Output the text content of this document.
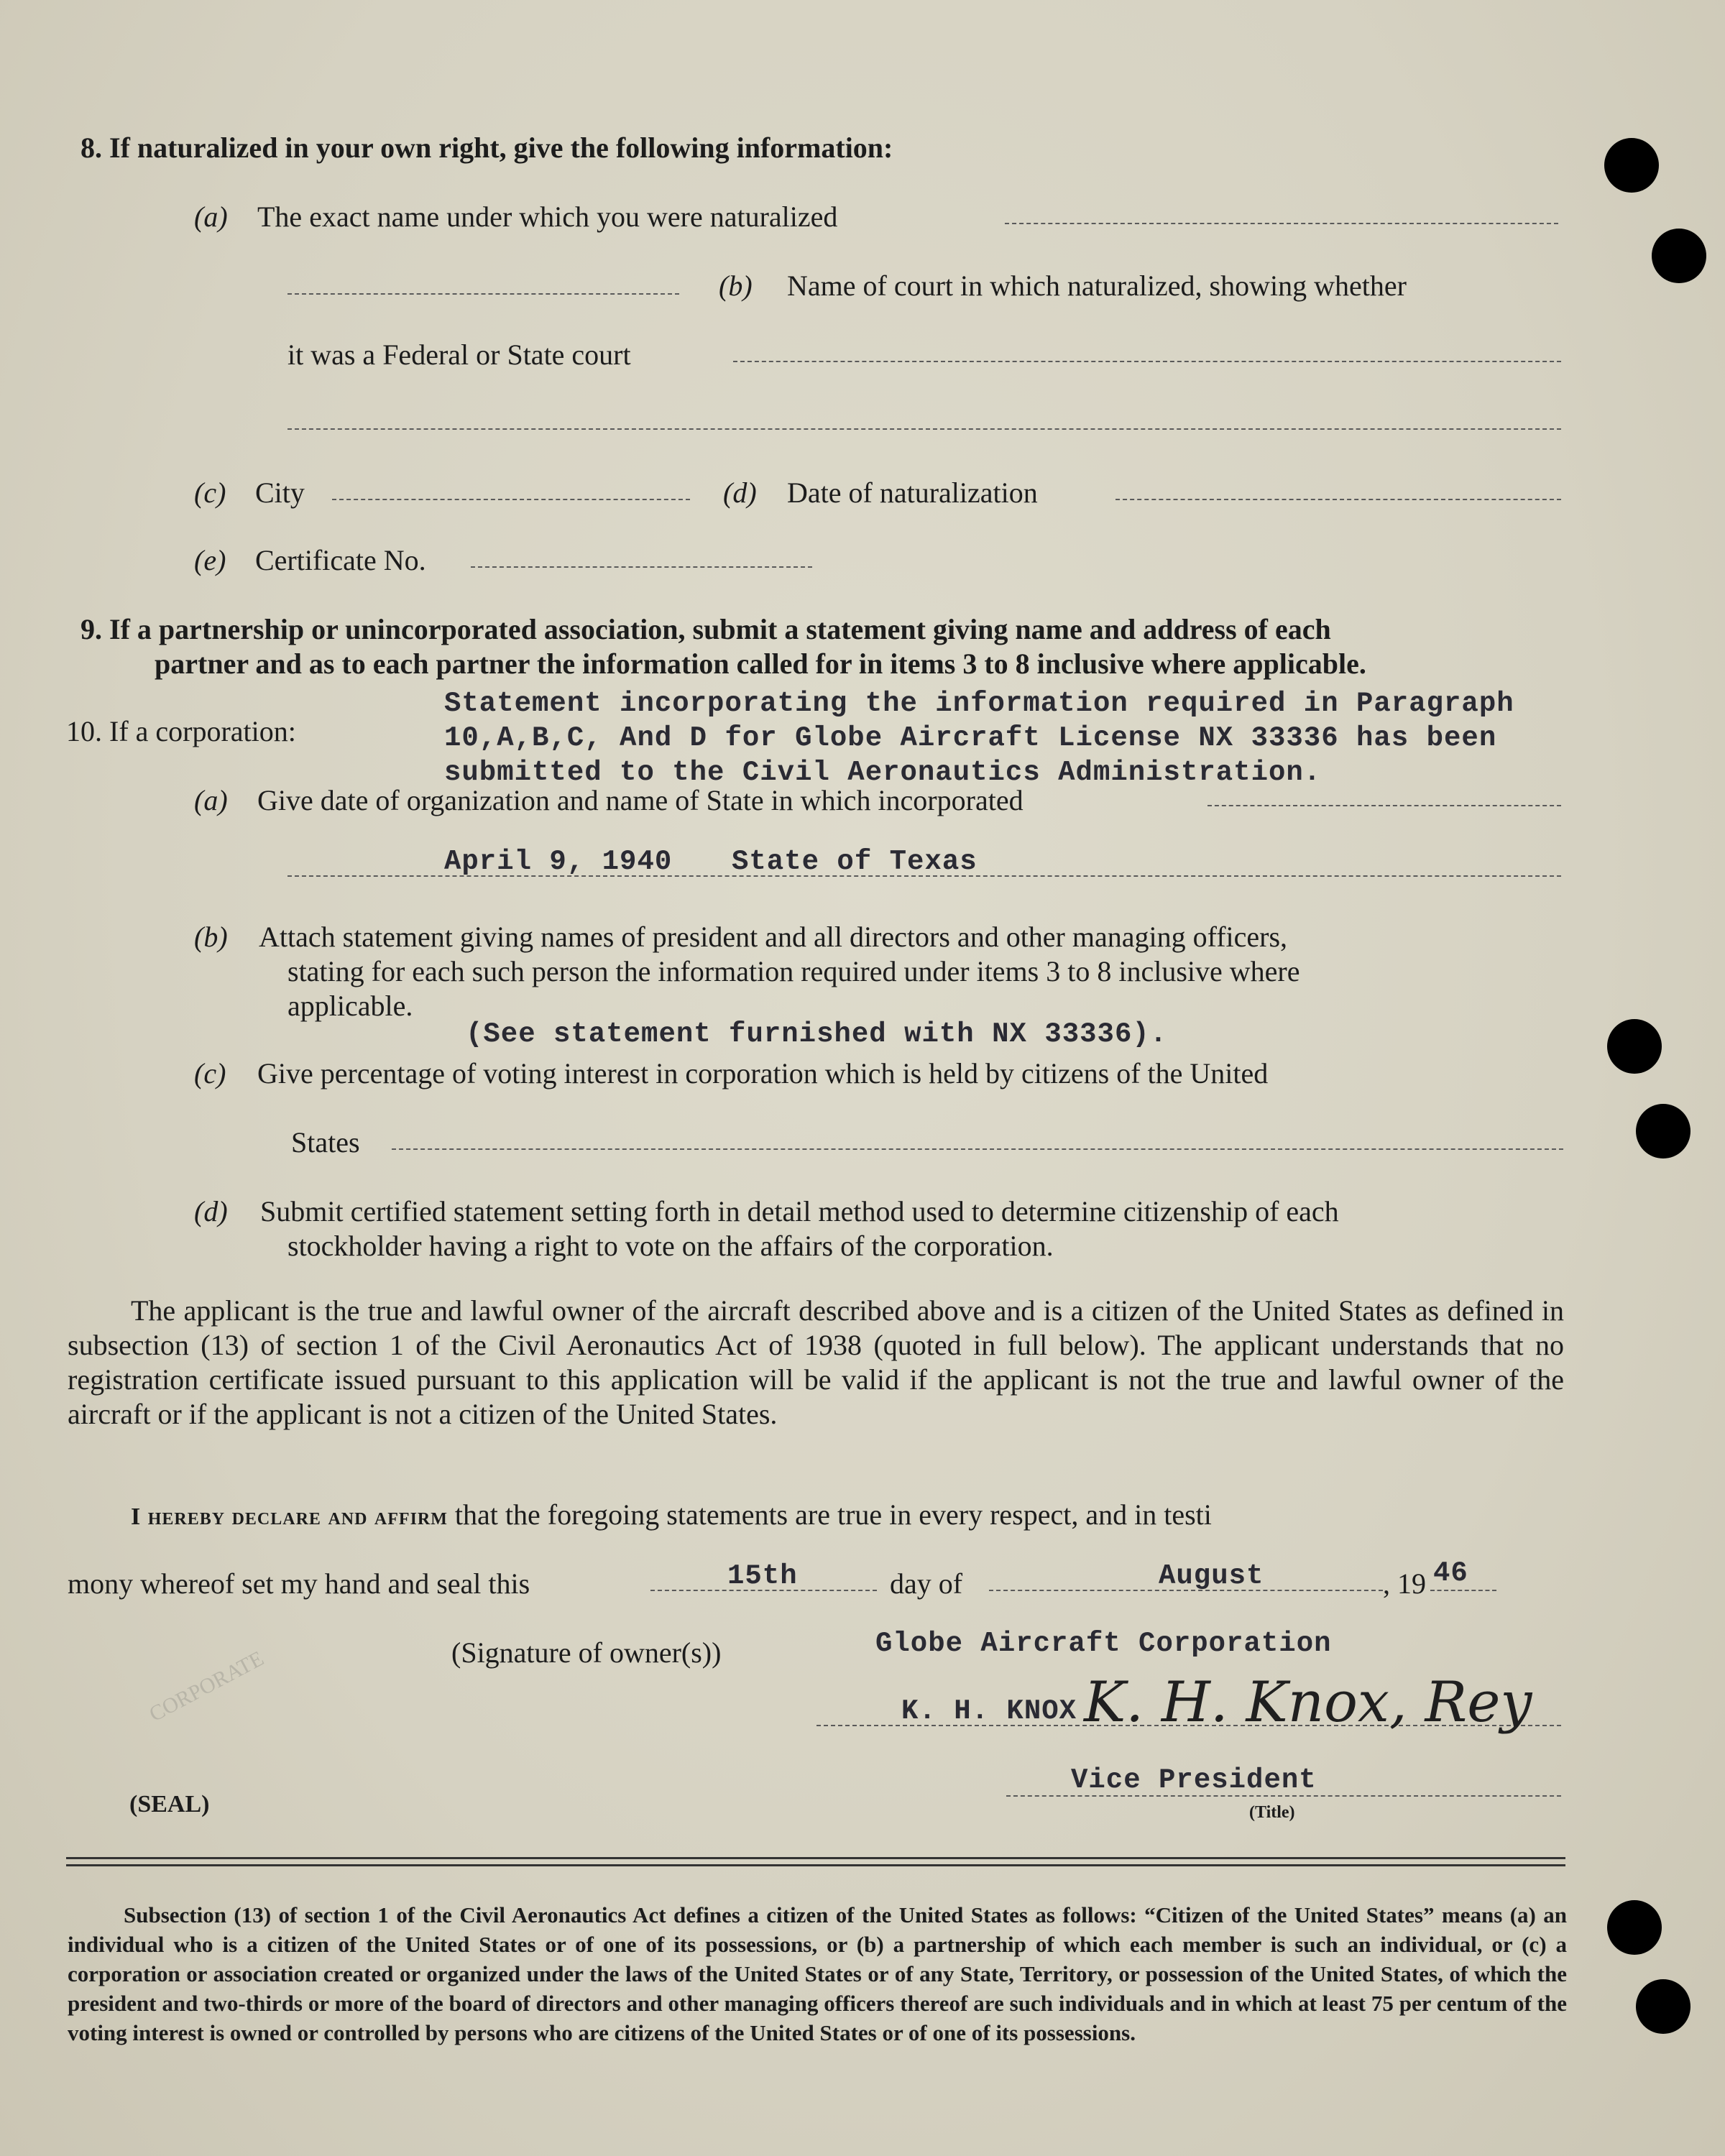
8. If naturalized in your own right, give the following information:
(a) The exact name under which you were naturalized
(b) Name of court in which naturalized, showing whether
it was a Federal or State court
(c) City	(d) Date of naturalization
(e) Certificate No.
9. If a partnership or unincorporated association, submit a statement giving name and address of each
partner and as to each partner the information called for in items 3 to 8 inclusive where applicable.
10. If a corporation:
Statement incorporating the information required in Paragraph
10,A,B,C, And D for Globe Aircraft License NX 33336 has been
submitted to the Civil Aeronautics Administration.
(a) Give date of organization and name of State in which incorporated
April 9, 1940 State of Texas
(b) Attach statement giving names of president and all directors and other managing officers,
stating for each such person the information required under items 3 to 8 inclusive where
applicable.
(See statement furnished with NX 33336).
(c) Give percentage of voting interest in corporation which is held by citizens of the United
States
(d) Submit certified statement setting forth in detail method used to determine citizenship of each
stockholder having a right to vote on the affairs of the corporation.
The applicant is the true and lawful owner of the aircraft described above and is a citizen of the United States as defined in subsection (13) of section 1 of the Civil Aeronautics Act of 1938 (quoted in full below). The applicant understands that no registration certificate issued pursuant to this application will be valid if the applicant is not the true and lawful owner of the aircraft or if the applicant is not a citizen of the United States.
I hereby declare and affirm that the foregoing statements are true in every respect, and in testi
mony whereof set my hand and seal this	15th	day of	August	, 19 46
(Signature of owner(s))	Globe Aircraft Corporation
K. H. KNOX K. H. Knox, Rey
Vice President
(Title)
(SEAL)
CORPORATE
Subsection (13) of section 1 of the Civil Aeronautics Act defines a citizen of the United States as follows: “Citizen of the United States” means (a) an individual who is a citizen of the United States or of one of its possessions, or (b) a partnership of which each member is such an individual, or (c) a corporation or association created or organized under the laws of the United States or of any State, Territory, or possession of the United States, of which the president and two-thirds or more of the board of directors and other managing officers thereof are such individuals and in which at least 75 per centum of the voting interest is owned or controlled by persons who are citizens of the United States or of one of its possessions.
